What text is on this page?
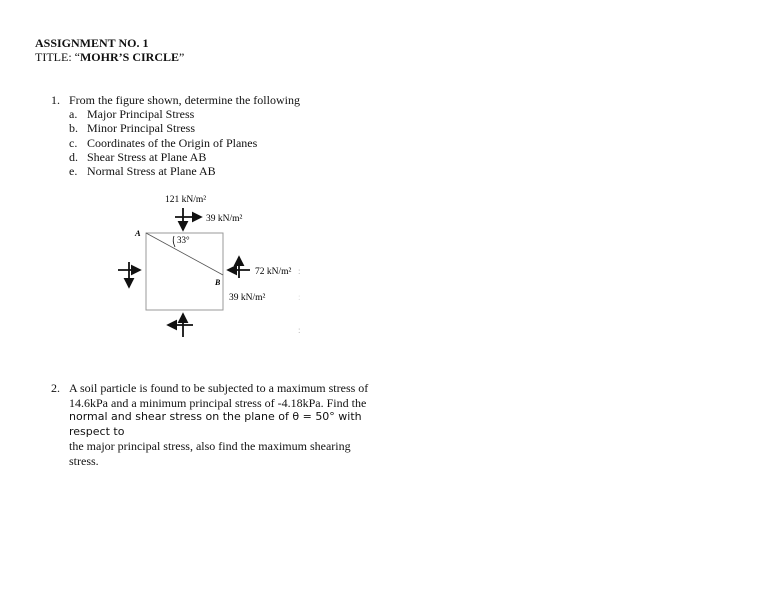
ASSIGNMENT NO. 1
TITLE: “MOHR’S CIRCLE”
1. From the figure shown, determine the following
a. Major Principal Stress
b. Minor Principal Stress
c. Coordinates of the Origin of Planes
d. Shear Stress at Plane AB
e. Normal Stress at Plane AB
121 kN/m²
39 kN/m²
72 kN/m²
39 kN/m²
33°
A
B
:
:
:
2. A soil particle is found to be subjected to a maximum stress of
14.6kPa and a minimum principal stress of -4.18kPa. Find the
normal and shear stress on the plane of θ = 50° with respect to
the major principal stress, also find the maximum shearing
stress.
